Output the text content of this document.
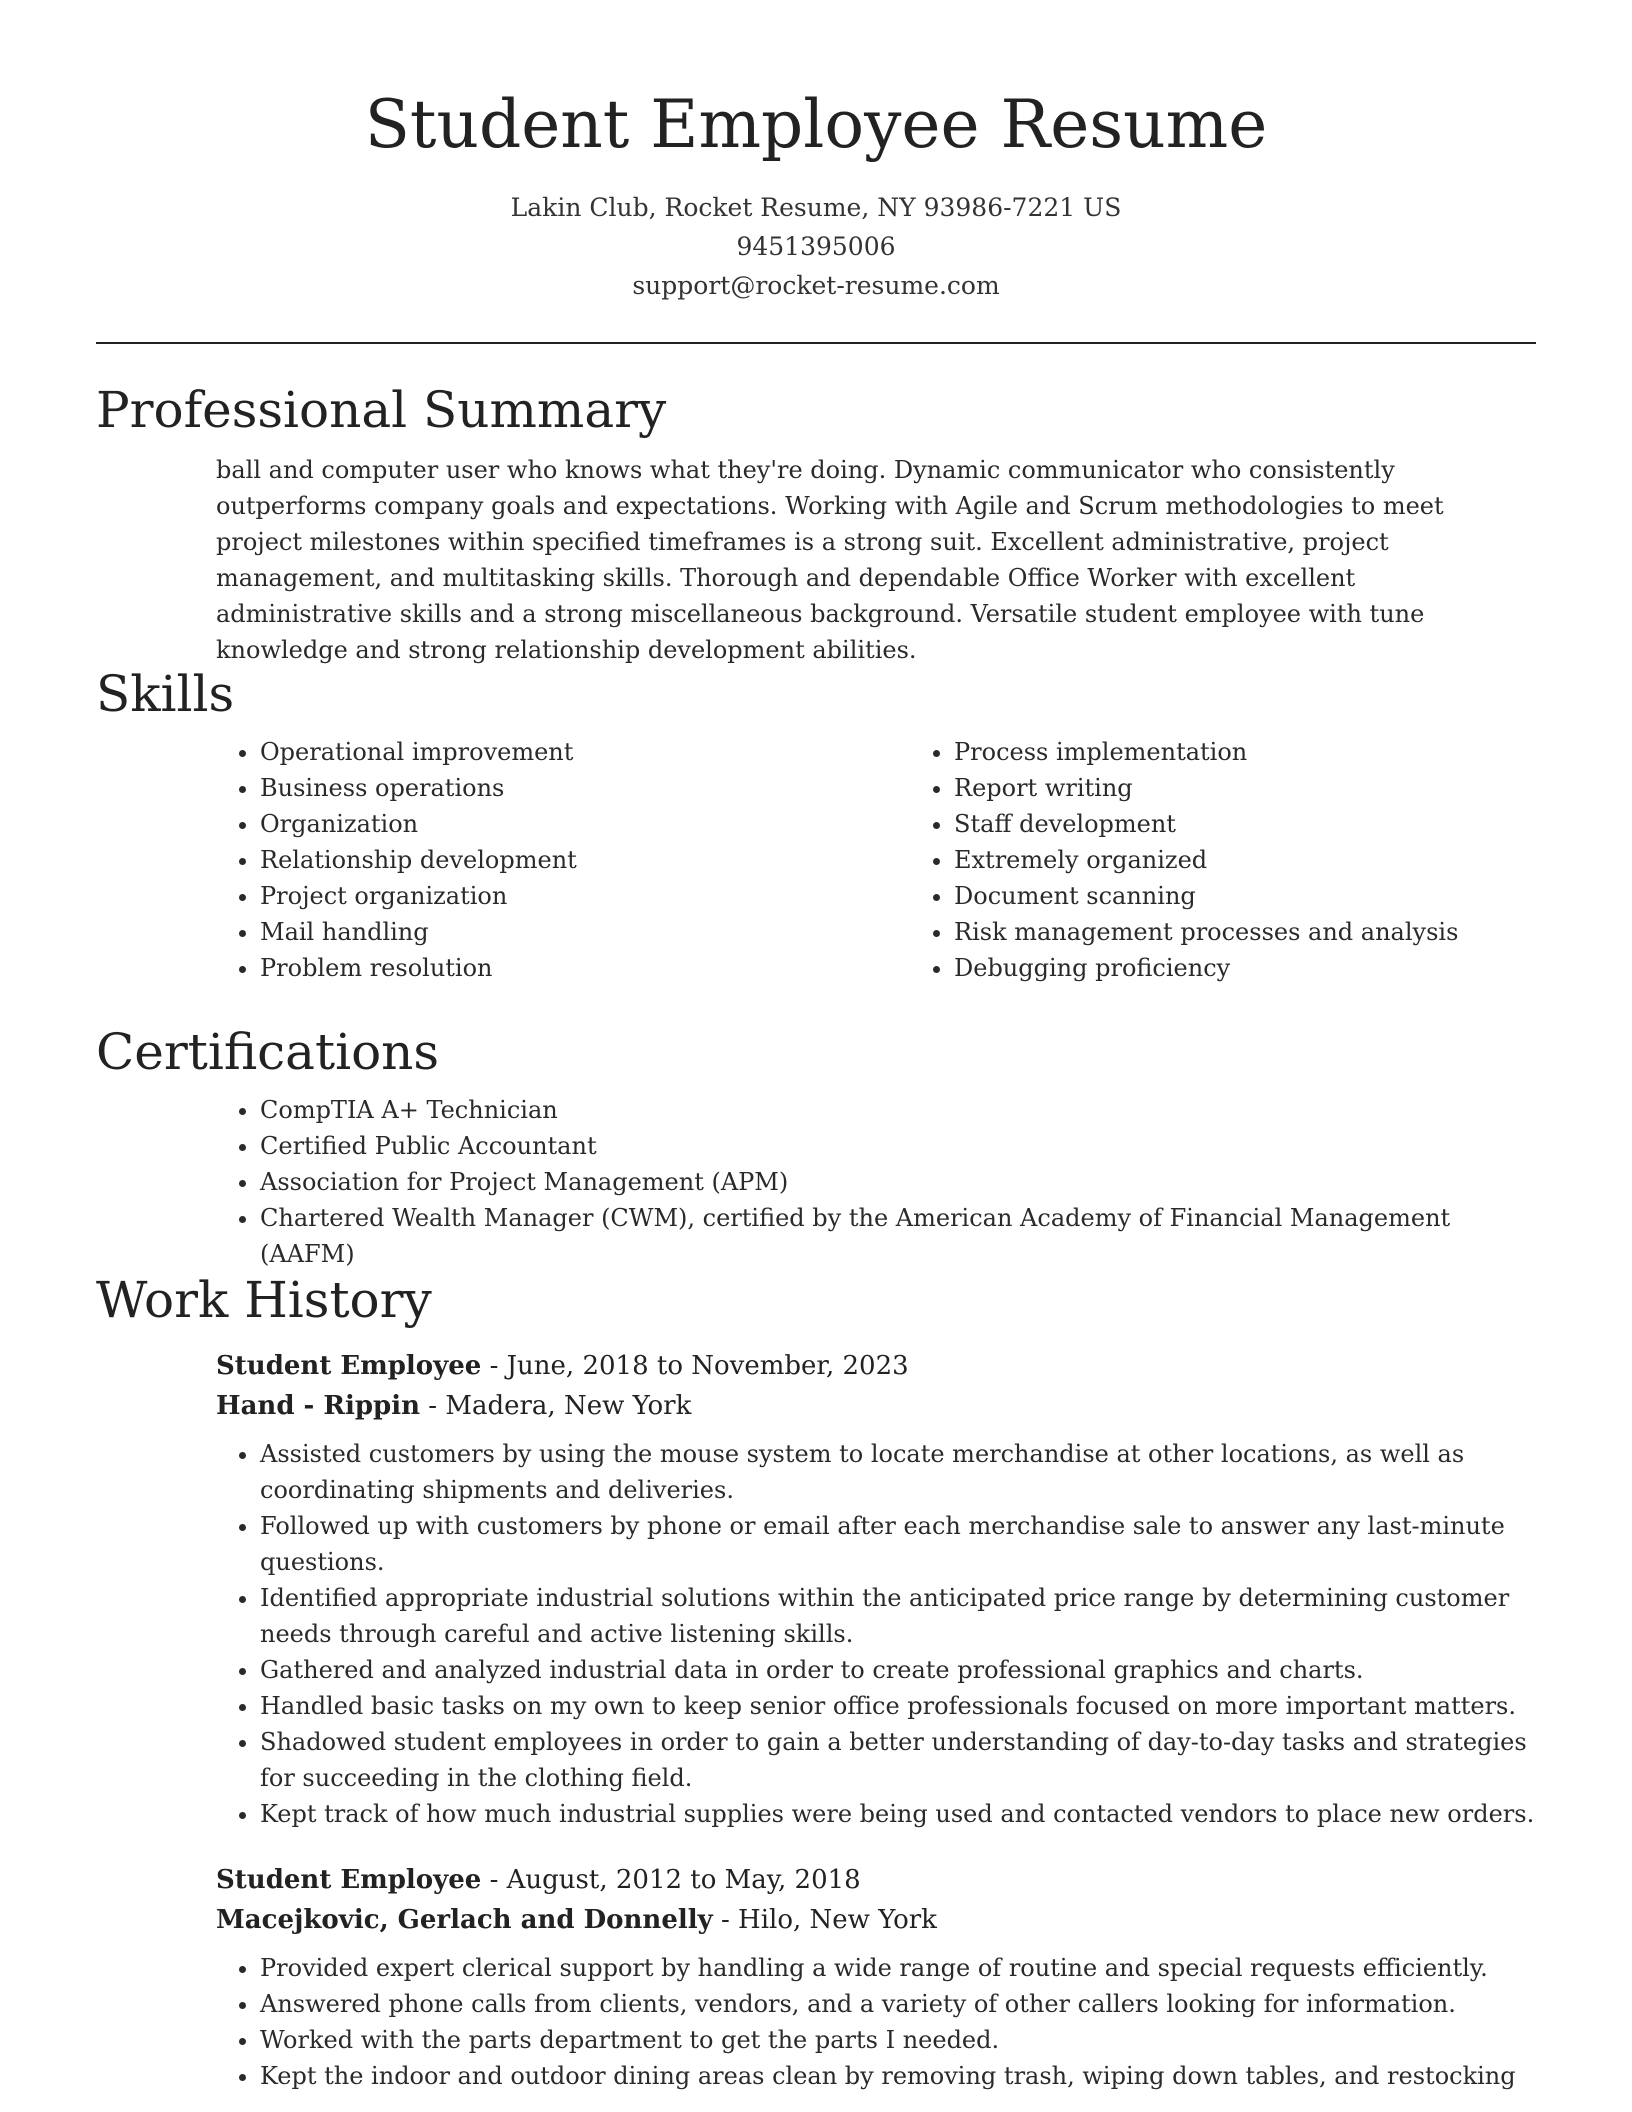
Student Employee Resume
Lakin Club, Rocket Resume, NY 93986-7221 US
9451395006
support@rocket-resume.com
Professional Summary

ball and computer user who knows what they're doing. Dynamic communicator who consistently outperforms company goals and expectations. Working with Agile and Scrum methodologies to meet project milestones within specified timeframes is a strong suit. Excellent administrative, project management, and multitasking skills. Thorough and dependable Office Worker with excellent administrative skills and a strong miscellaneous background. Versatile student employee with tune knowledge and strong relationship development abilities.

Skills
• Operational improvement
• Business operations
• Organization
• Relationship development
• Project organization
• Mail handling
• Problem resolution
• Process implementation
• Report writing
• Staff development
• Extremely organized
• Document scanning
• Risk management processes and analysis
• Debugging proficiency
Certifications
• CompTIA A+ Technician
• Certified Public Accountant
• Association for Project Management (APM)
• Chartered Wealth Manager (CWM), certified by the American Academy of Financial Management (AAFM)
Work History
Student Employee - June, 2018 to November, 2023
Hand - Rippin - Madera, New York
• Assisted customers by using the mouse system to locate merchandise at other locations, as well as coordinating shipments and deliveries.
• Followed up with customers by phone or email after each merchandise sale to answer any last-minute questions.
• Identified appropriate industrial solutions within the anticipated price range by determining customer needs through careful and active listening skills.
• Gathered and analyzed industrial data in order to create professional graphics and charts.
• Handled basic tasks on my own to keep senior office professionals focused on more important matters.
• Shadowed student employees in order to gain a better understanding of day-to-day tasks and strategies for succeeding in the clothing field.
• Kept track of how much industrial supplies were being used and contacted vendors to place new orders.
Student Employee - August, 2012 to May, 2018
Macejkovic, Gerlach and Donnelly - Hilo, New York
• Provided expert clerical support by handling a wide range of routine and special requests efficiently.
• Answered phone calls from clients, vendors, and a variety of other callers looking for information.
• Worked with the parts department to get the parts I needed.
• Kept the indoor and outdoor dining areas clean by removing trash, wiping down tables, and restocking
